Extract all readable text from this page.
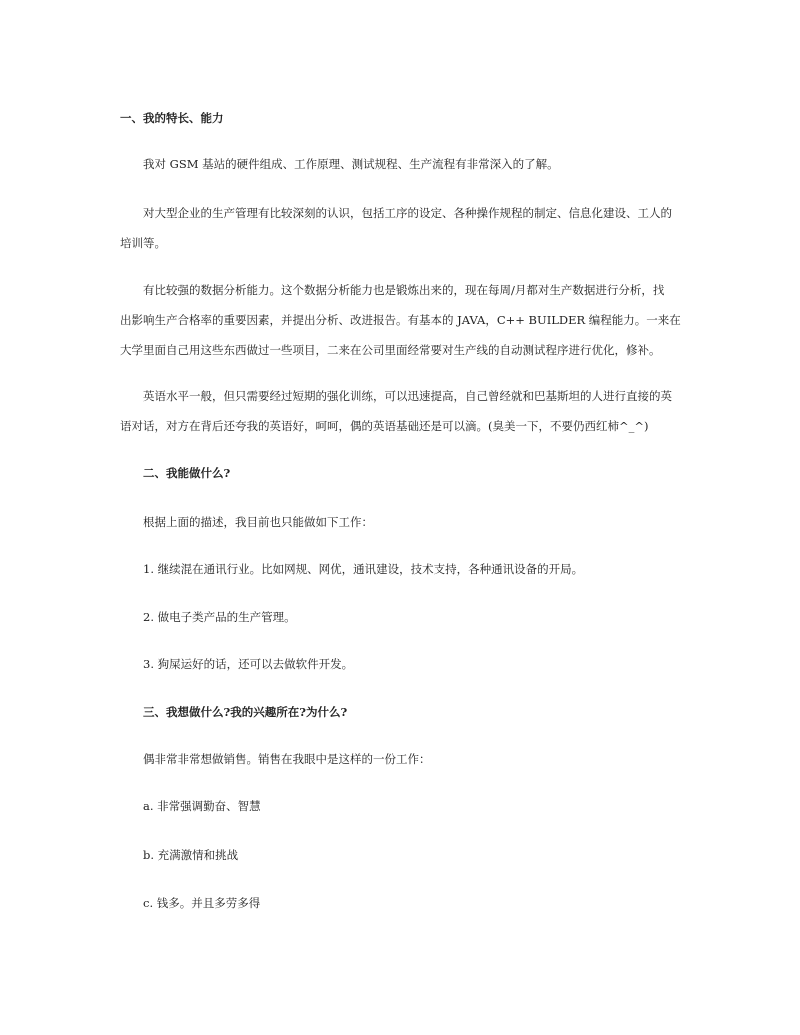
一、我的特长、能力
我对 GSM 基站的硬件组成、工作原理、测试规程、生产流程有非常深入的了解。
对大型企业的生产管理有比较深刻的认识，包括工序的设定、各种操作规程的制定、信息化建设、工人的
培训等。
有比较强的数据分析能力。这个数据分析能力也是锻炼出来的，现在每周/月都对生产数据进行分析，找
出影响生产合格率的重要因素，并提出分析、改进报告。有基本的 JAVA，C++ BUILDER 编程能力。一来在
大学里面自己用这些东西做过一些项目，二来在公司里面经常要对生产线的自动测试程序进行优化，修补。
英语水平一般，但只需要经过短期的强化训练，可以迅速提高，自己曾经就和巴基斯坦的人进行直接的英
语对话，对方在背后还夸我的英语好，呵呵，偶的英语基础还是可以滴。(臭美一下，不要仍西红柿^_^)
二、我能做什么?
根据上面的描述，我目前也只能做如下工作：
1. 继续混在通讯行业。比如网规、网优，通讯建设，技术支持，各种通讯设备的开局。
2. 做电子类产品的生产管理。
3. 狗屎运好的话，还可以去做软件开发。
三、我想做什么?我的兴趣所在?为什么?
偶非常非常想做销售。销售在我眼中是这样的一份工作：
a. 非常强调勤奋、智慧
b. 充满激情和挑战
c. 钱多。并且多劳多得
